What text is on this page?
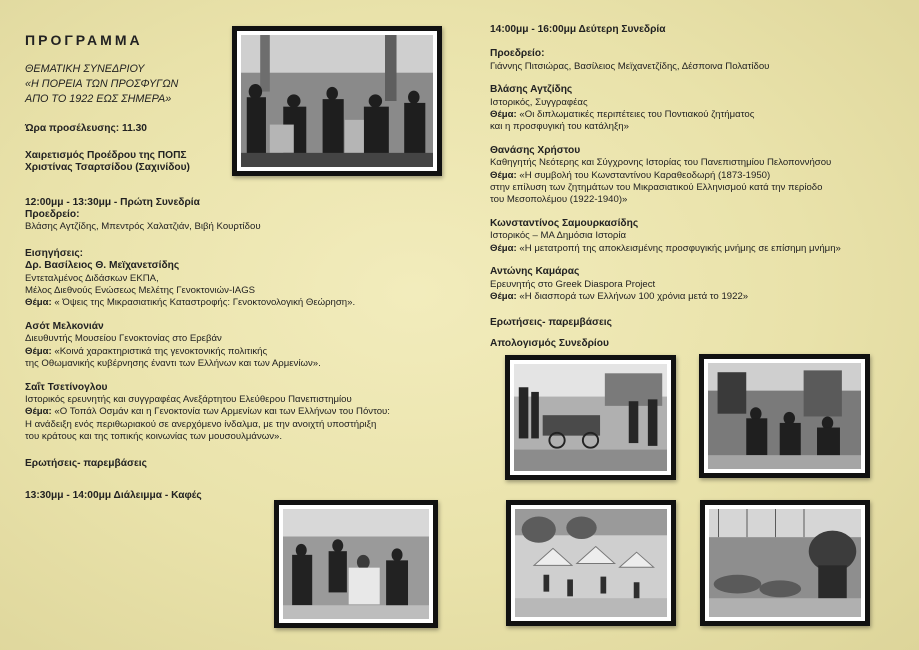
ΠΡΟΓΡΑΜΜΑ
ΘΕΜΑΤΙΚΗ ΣΥΝΕΔΡΙΟΥ
«Η ΠΟΡΕΙΑ ΤΩΝ ΠΡΟΣΦΥΓΩΝ
ΑΠΟ ΤΟ 1922 ΕΩΣ ΣΗΜΕΡΑ»
Ώρα προσέλευσης: 11.30
Χαιρετισμός Προέδρου της ΠΟΠΣ
Χριστίνας Τσαρτσίδου (Σαχινίδου)
12:00μμ - 13:30μμ - Πρώτη Συνεδρία
Προεδρείο:
Βλάσης Αγτζίδης, Μπεντρός Χαλατζιάν, Βιβή Κουρτίδου
Εισηγήσεις:
Δρ. Βασίλειος Θ. Μεϊχανετσίδης
Εντεταλμένος Διδάσκων ΕΚΠΑ,
Μέλος Διεθνούς Ενώσεως Μελέτης Γενοκτονιών-IAGS
Θέμα: « Όψεις της Μικρασιατικής Καταστροφής: Γενοκτονολογική Θεώρηση».
Ασότ Μελκονιάν
Διευθυντής Μουσείου Γενοκτονίας στο Ερεβάν
Θέμα: «Κοινά χαρακτηριστικά της γενοκτονικής πολιτικής
της Οθωμανικής κυβέρνησης έναντι των Ελλήνων και των Αρμενίων».
Σαΐτ Τσετίνογλου
Ιστορικός ερευνητής και συγγραφέας Ανεξάρτητου Ελεύθερου Πανεπιστημίου
Θέμα: «Ο Τοπάλ Οσμάν και η Γενοκτονία των Αρμενίων και των Ελλήνων του Πόντου:
Η ανάδειξη ενός περιθωριακού σε ανερχόμενο ίνδαλμα, με την ανοιχτή υποστήριξη
του κράτους και της τοπικής κοινωνίας των μουσουλμάνων».
Ερωτήσεις- παρεμβάσεις
13:30μμ - 14:00μμ Διάλειμμα - Καφές
14:00μμ - 16:00μμ Δεύτερη Συνεδρία
Προεδρείο:
Γιάννης Πιτσιώρας, Βασίλειος Μεϊχανετζίδης, Δέσποινα Πολατίδου
Βλάσης Αγτζίδης
Ιστορικός, Συγγραφέας
Θέμα: «Οι διπλωματικές περιπέτειες του Ποντιακού ζητήματος
και η προσφυγική του κατάληξη»
Θανάσης Χρήστου
Καθηγητής Νεότερης και Σύγχρονης Ιστορίας του Πανεπιστημίου Πελοποννήσου
Θέμα: «Η συμβολή του Κωνσταντίνου Καραθεοδωρή (1873-1950)
στην επίλυση των ζητημάτων του Μικρασιατικού Ελληνισμού κατά την περίοδο
του Μεσοπολέμου (1922-1940)»
Κωνσταντίνος Σαμουρκασίδης
Ιστορικός – ΜΑ Δημόσια Ιστορία
Θέμα: «Η μετατροπή της αποκλεισμένης προσφυγικής μνήμης σε επίσημη μνήμη»
Αντώνης Καμάρας
Ερευνητής στο Greek Diaspora Project
Θέμα: «Η διασπορά των Ελλήνων 100 χρόνια μετά το 1922»
Ερωτήσεις- παρεμβάσεις
Απολογισμός Συνεδρίου
